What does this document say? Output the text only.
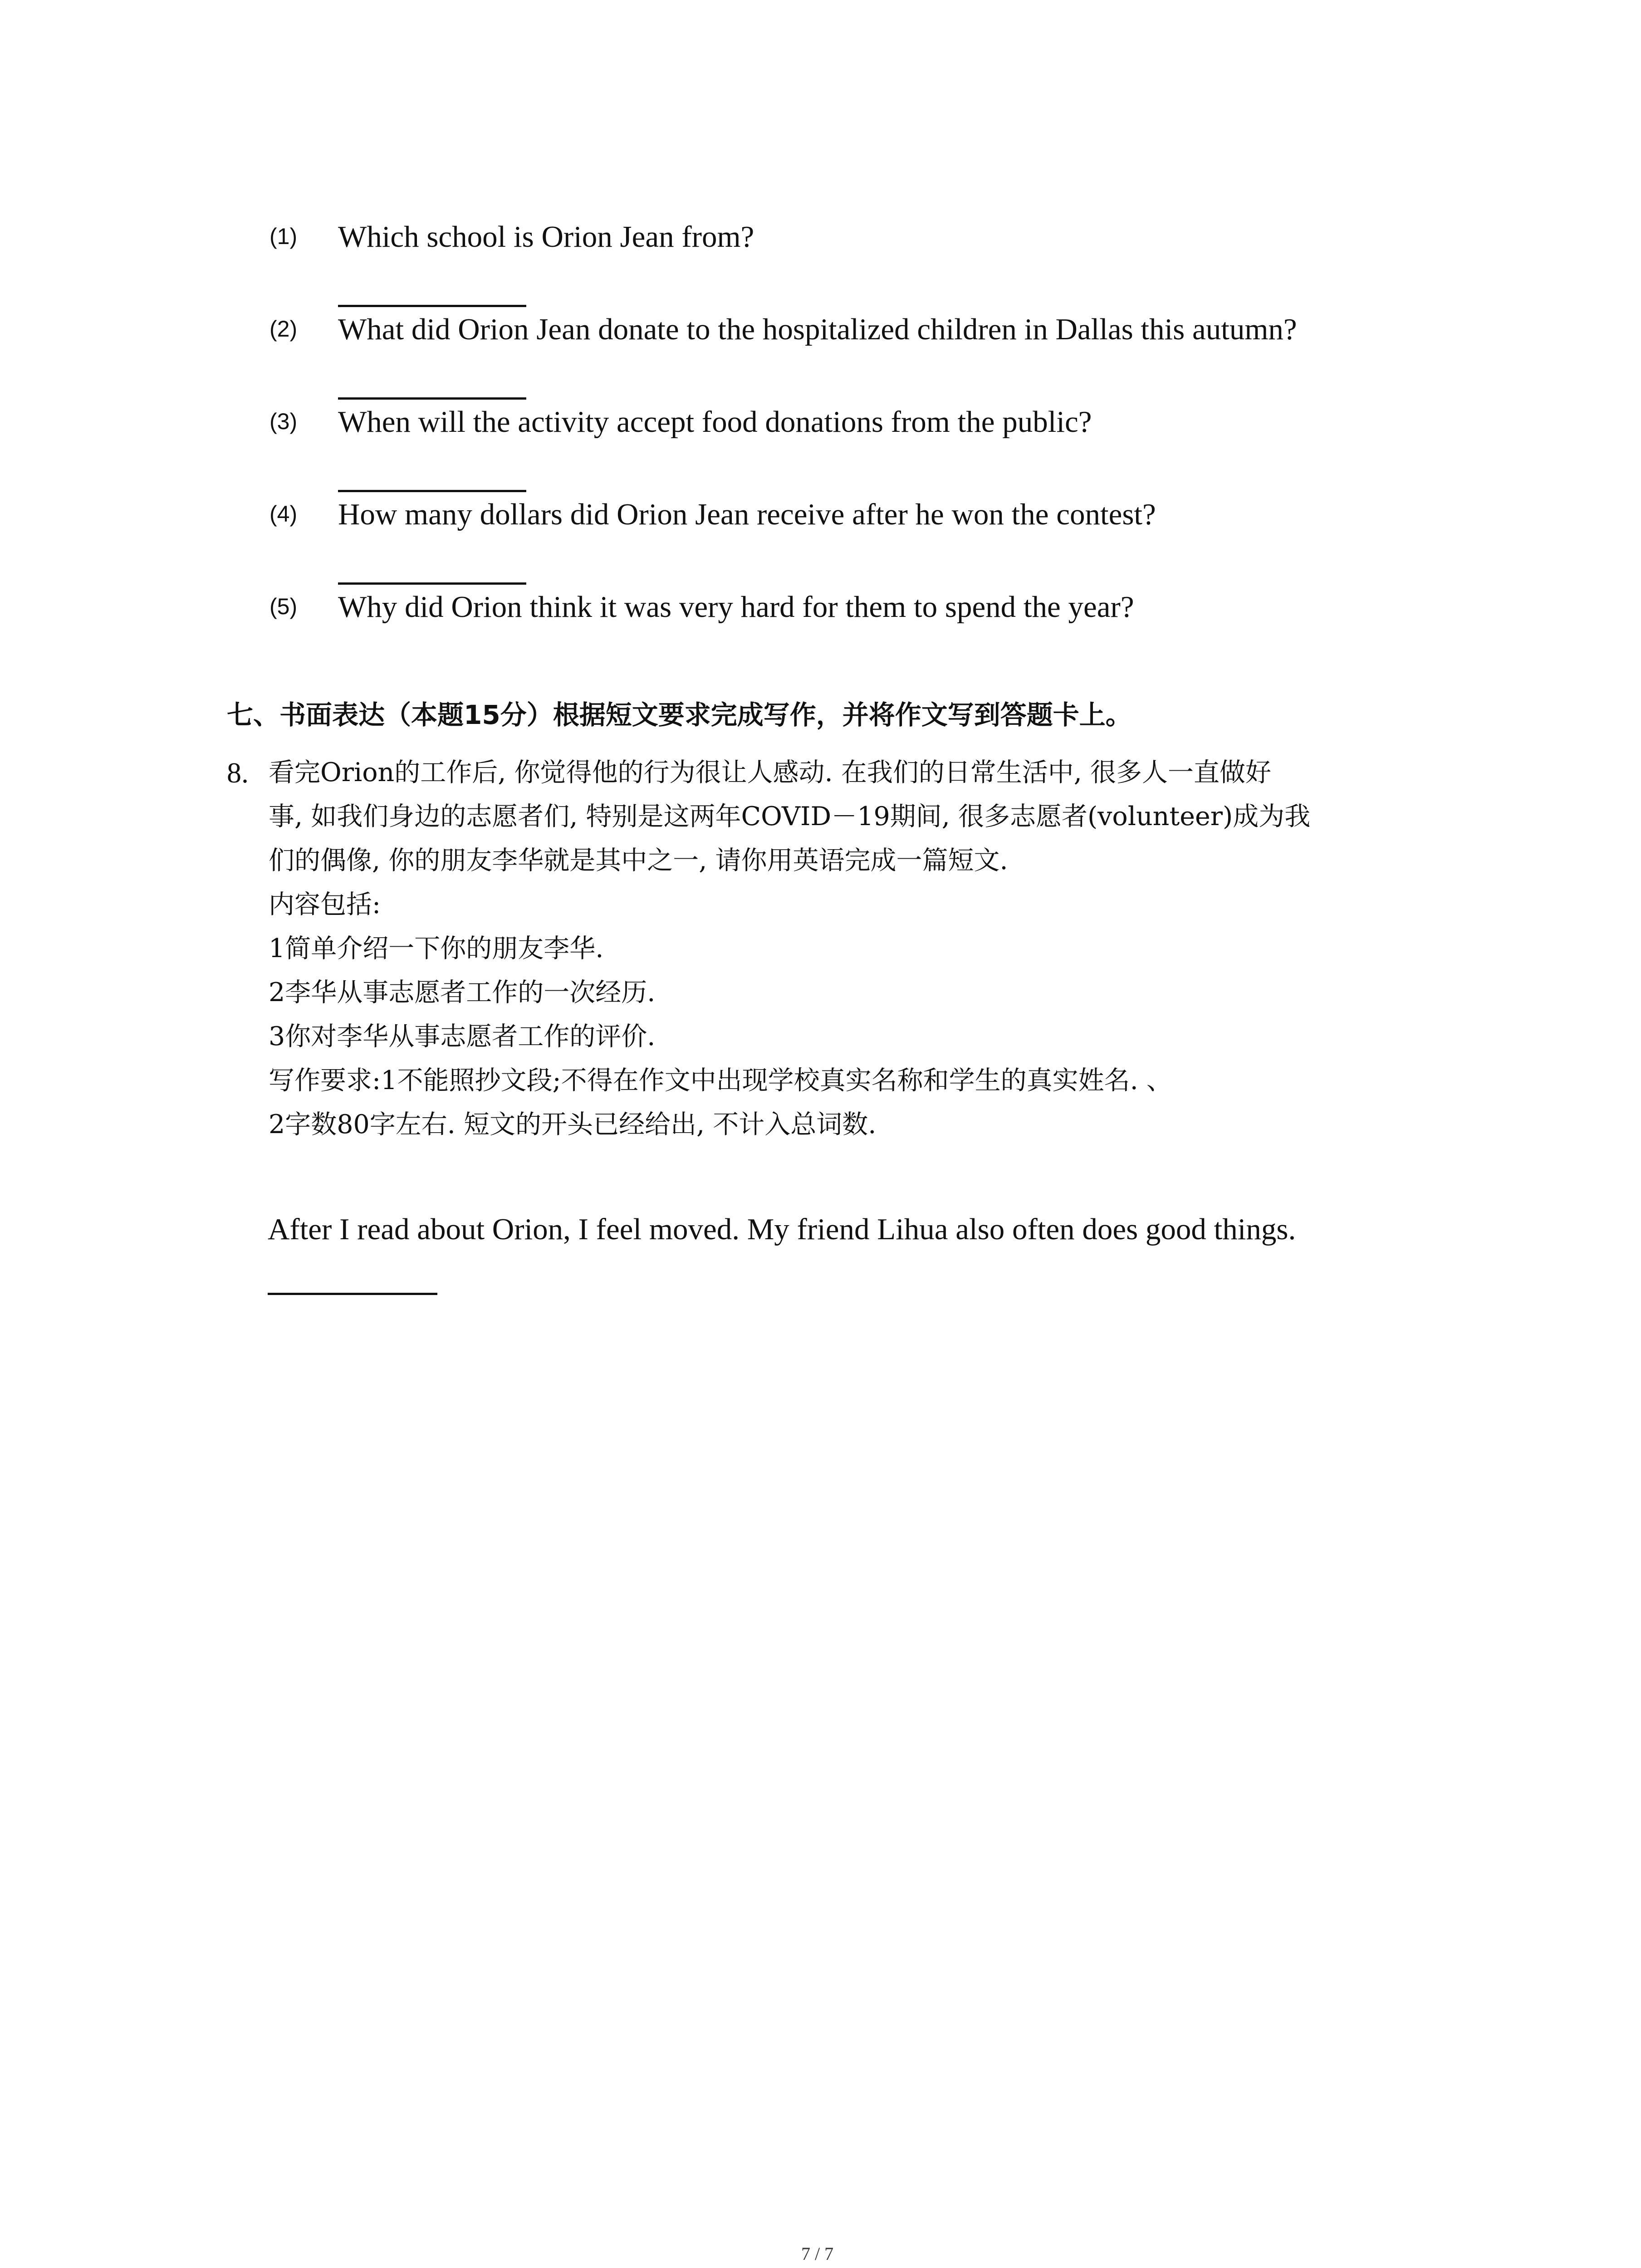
(1) Which school is Orion Jean from?
(2) What did Orion Jean donate to the hospitalized children in Dallas this autumn?
(3) When will the activity accept food donations from the public?
(4) How many dollars did Orion Jean receive after he won the contest?
(5) Why did Orion think it was very hard for them to spend the year?
七、书面表达（本题15分）根据短文要求完成写作，并将作文写到答题卡上。
8. 看完Orion的工作后, 你觉得他的行为很让人感动. 在我们的日常生活中, 很多人一直做好
事, 如我们身边的志愿者们, 特别是这两年COVID－19期间, 很多志愿者(volunteer)成为我
们的偶像, 你的朋友李华就是其中之一, 请你用英语完成一篇短文.
内容包括:
1简单介绍一下你的朋友李华.
2李华从事志愿者工作的一次经历.
3你对李华从事志愿者工作的评价.
写作要求:1不能照抄文段;不得在作文中出现学校真实名称和学生的真实姓名. 、
2字数80字左右. 短文的开头已经给出, 不计入总词数.
After I read about Orion, I feel moved. My friend Lihua also often does good things.
7 / 7
